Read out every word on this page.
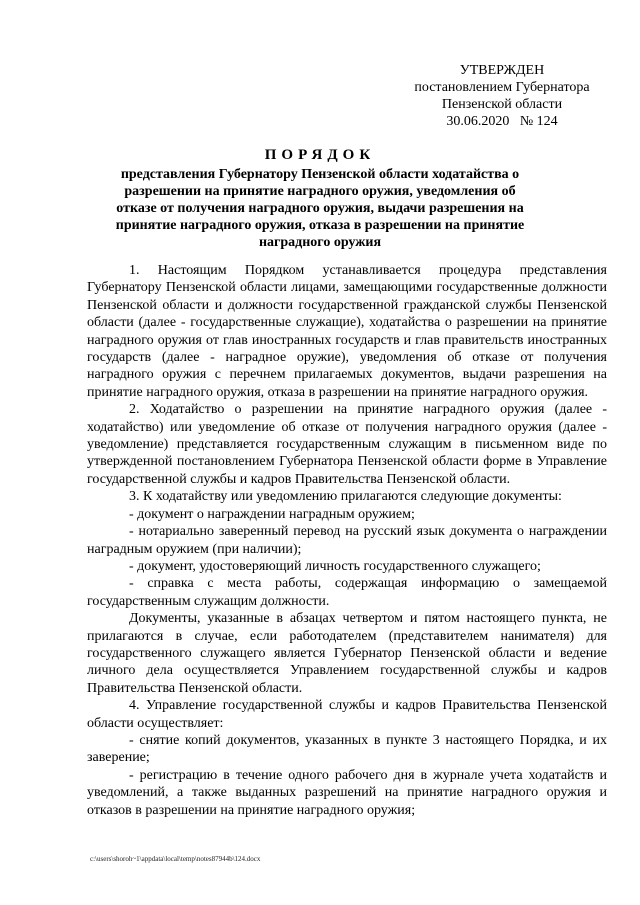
УТВЕРЖДЕН
постановлением Губернатора
Пензенской области
30.06.2020   № 124
ПОРЯДОК
представления Губернатору Пензенской области ходатайства о разрешении на принятие наградного оружия, уведомления об отказе от получения наградного оружия, выдачи разрешения на принятие наградного оружия, отказа в разрешении на принятие наградного оружия

1. Настоящим Порядком устанавливается процедура представления Губернатору Пензенской области лицами, замещающими государственные должности Пензенской области и должности государственной гражданской службы Пензенской области (далее - государственные служащие), ходатайства о разрешении на принятие наградного оружия от глав иностранных государств и глав правительств иностранных государств (далее - наградное оружие), уведомления об отказе от получения наградного оружия с перечнем прилагаемых документов, выдачи разрешения на принятие наградного оружия, отказа в разрешении на принятие наградного оружия.

2. Ходатайство о разрешении на принятие наградного оружия (далее - ходатайство) или уведомление об отказе от получения наградного оружия (далее - уведомление) представляется государственным служащим в письменном виде по утвержденной постановлением Губернатора Пензенской области форме в Управление государственной службы и кадров Правительства Пензенской области.

3. К ходатайству или уведомлению прилагаются следующие документы:

- документ о награждении наградным оружием;

- нотариально заверенный перевод на русский язык документа о награждении наградным оружием (при наличии);

- документ, удостоверяющий личность государственного служащего;

- справка с места работы, содержащая информацию о замещаемой государственным служащим должности.

Документы, указанные в абзацах четвертом и пятом настоящего пункта, не прилагаются в случае, если работодателем (представителем нанимателя) для государственного служащего является Губернатор Пензенской области и ведение личного дела осуществляется Управлением государственной службы и кадров Правительства Пензенской области.

4. Управление государственной службы и кадров Правительства Пензенской области осуществляет:

- снятие копий документов, указанных в пункте 3 настоящего Порядка, и их заверение;

- регистрацию в течение одного рабочего дня в журнале учета ходатайств и уведомлений, а также выданных разрешений на принятие наградного оружия и отказов в разрешении на принятие наградного оружия;

c:\users\shoroh~1\appdata\local\temp\notes87944b\124.docx
